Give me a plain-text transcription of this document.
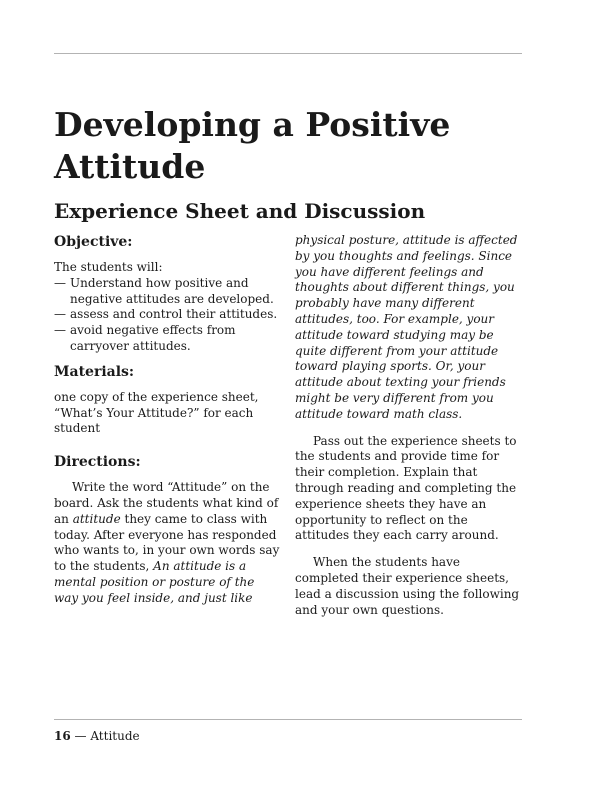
Developing a Positive Attitude
Experience Sheet and Discussion
Objective:

The students will:

— Understand how positive and negative attitudes are developed.
— assess and control their attitudes.
— avoid negative effects from carryover attitudes.
Materials:

one copy of the experience sheet, “What’s Your Attitude?” for each student

Directions:

Write the word “Attitude” on the board. Ask the students what kind of an attitude they came to class with today. After everyone has responded who wants to, in your own words say to the students, An attitude is a mental position or posture of the way you feel inside, and just like

physical posture, attitude is affected by you thoughts and feelings. Since you have different feelings and thoughts about different things, you probably have many different attitudes, too. For example, your attitude toward studying may be quite different from your attitude toward playing sports. Or, your attitude about texting your friends might be very different from you attitude toward math class.

Pass out the experience sheets to the students and provide time for their completion. Explain that through reading and completing the experience sheets they have an opportunity to reflect on the attitudes they each carry around.

When the students have completed their experience sheets, lead a discussion using the following and your own questions.

16 — Attitude
